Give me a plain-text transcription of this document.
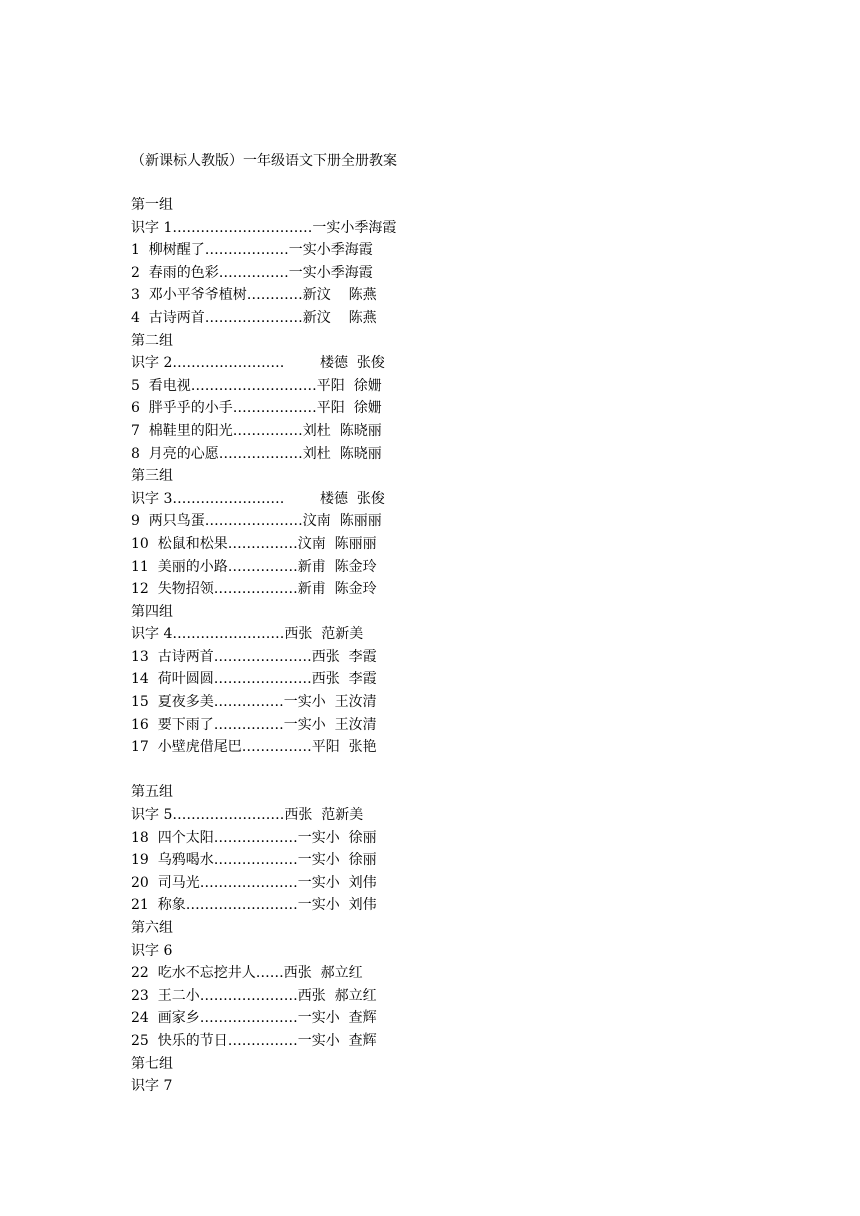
（新课标人教版）一年级语文下册全册教案
第一组
识字 1…………………………一实小季海霞
1  柳树醒了………………一实小季海霞
2  春雨的色彩……………一实小季海霞
3  邓小平爷爷植树…………新汶    陈燕
4  古诗两首…………………新汶    陈燕
第二组
识字 2……………………        楼德  张俊
5  看电视………………………平阳  徐姗
6  胖乎乎的小手………………平阳  徐姗
7  棉鞋里的阳光……………刘杜  陈晓丽
8  月亮的心愿………………刘杜  陈晓丽
第三组
识字 3……………………        楼德  张俊
9  两只鸟蛋…………………汶南  陈丽丽
10  松鼠和松果……………汶南  陈丽丽
11  美丽的小路……………新甫  陈金玲
12  失物招领………………新甫  陈金玲
第四组
识字 4……………………西张  范新美
13  古诗两首…………………西张  李霞
14  荷叶圆圆…………………西张  李霞
15  夏夜多美……………一实小  王汝清
16  要下雨了……………一实小  王汝清
17  小壁虎借尾巴……………平阳  张艳
第五组
识字 5……………………西张  范新美
18  四个太阳………………一实小  徐丽
19  乌鸦喝水………………一实小  徐丽
20  司马光…………………一实小  刘伟
21  称象……………………一实小  刘伟
第六组
识字 6
22  吃水不忘挖井人……西张  郝立红
23  王二小…………………西张  郝立红
24  画家乡…………………一实小  查辉
25  快乐的节日……………一实小  查辉
第七组
识字 7
